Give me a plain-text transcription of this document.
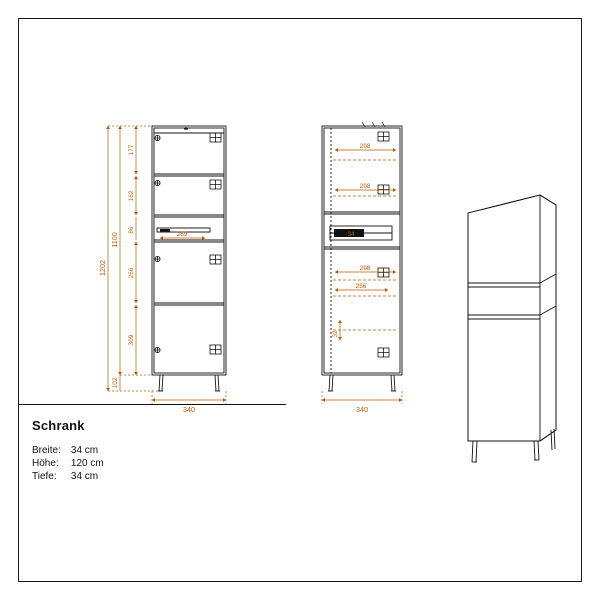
1202
1100
102
177
162
86
266
309
269
340
298
298
298
256
32
34
340
Schrank
Breite:	34 cm
Höhe:	120 cm
Tiefe:	34 cm
